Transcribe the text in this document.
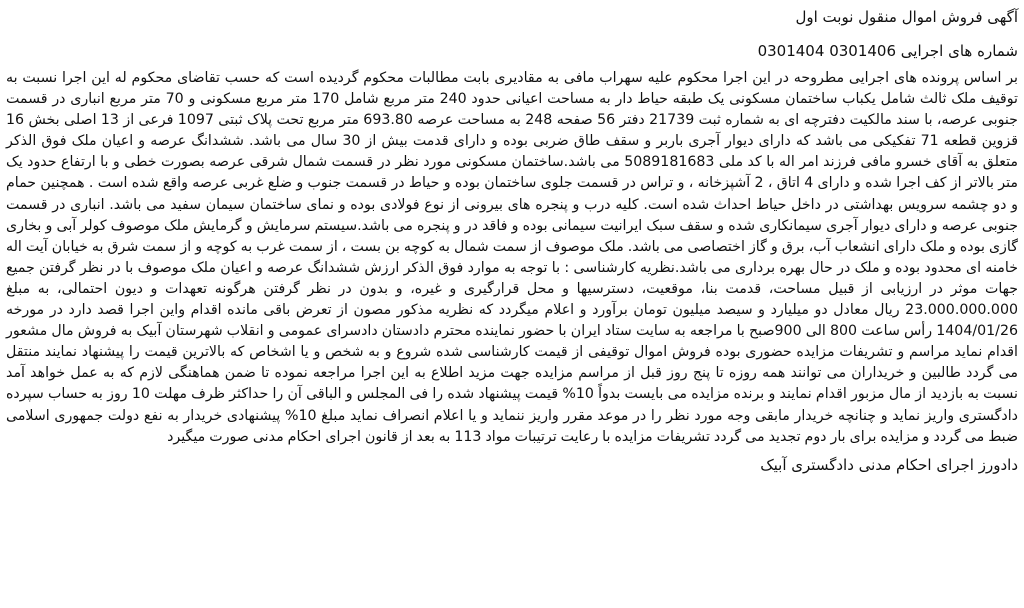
آگهی فروش اموال منقول نوبت اول
شماره های اجرایی 0301406 0301404

بر اساس پرونده های اجرایی مطروحه در این اجرا محکوم علیه سهراب مافی به مقادیری بابت مطالبات محکوم گردیده است که حسب تقاضای محکوم له این اجرا نسبت به توقیف ملک ثالث شامل یکباب ساختمان مسکونی یک طبقه حیاط دار به مساحت اعیانی حدود 240 متر مربع شامل 170 متر مربع مسکونی و 70 متر مربع انباری در قسمت جنوبی عرصه، با سند مالکیت دفترچه ای به شماره ثبت 21739 دفتر 56 صفحه 248 به مساحت عرصه 693.80 متر مربع تحت پلاک ثبتی 1097 فرعی از 13 اصلی بخش 16 قزوین قطعه 71 تفکیکی می باشد که دارای دیوار آجری باربر و سقف طاق ضربی بوده و دارای قدمت بیش از 30 سال می باشد. ششدانگ عرصه و اعیان ملک فوق الذکر متعلق به آقای خسرو مافی فرزند امر اله با کد ملی 5089181683 می باشد.ساختمان مسکونی مورد نظر در قسمت شمال شرقی عرصه بصورت خطی و با ارتفاع حدود یک متر بالاتر از کف اجرا شده و دارای 4 اتاق ، 2 آشپزخانه ، و تراس در قسمت جلوی ساختمان بوده و حیاط در قسمت جنوب و ضلع غربی عرصه واقع شده است . همچنین حمام و دو چشمه سرویس بهداشتی در داخل حیاط احداث شده است. کلیه درب و پنجره های بیرونی از نوع فولادی بوده و نمای ساختمان سیمان سفید می باشد. انباری در قسمت جنوبی عرصه و دارای دیوار آجری سیمانکاری شده و سقف سبک ایرانیت سیمانی بوده و فاقد در و پنجره می باشد.سیستم سرمایش و گرمایش ملک موصوف کولر آبی و بخاری گازی بوده و ملک دارای انشعاب آب، برق و گاز اختصاصی می باشد. ملک موصوف از سمت شمال به کوچه بن بست ، از سمت غرب به کوچه و از سمت شرق به خیابان آیت اله خامنه ای محدود بوده و ملک در حال بهره برداری می باشد.نظریه کارشناسی : با توجه به موارد فوق الذکر ارزش ششدانگ عرصه و اعیان ملک موصوف با در نظر گرفتن جمیع جهات موثر در ارزیابی از قبیل مساحت، قدمت بنا، موقعیت، دسترسیها و محل قرارگیری و غیره، و بدون در نظر گرفتن هرگونه تعهدات و دیون احتمالی، به مبلغ 23.000.000.000 ریال معادل دو میلیارد و سیصد میلیون تومان برآورد و اعلام میگردد که نظریه مذکور مصون از تعرض باقی مانده اقدام واین اجرا قصد دارد در مورخه 1404/01/26 رأس ساعت 800 الی 900صبح با مراجعه به سایت ستاد ایران با حضور نماینده محترم دادستان دادسرای عمومی و انقلاب شهرستان آبیک به فروش مال مشعور اقدام نماید مراسم و تشریفات مزایده حضوری بوده فروش اموال توقیفی از قیمت کارشناسی شده شروع و به شخص و یا اشخاص که بالاترین قیمت را پیشنهاد نمایند منتقل می گردد طالبین و خریداران می توانند همه روزه تا پنج روز قبل از مراسم مزایده جهت مزید اطلاع به این اجرا مراجعه نموده تا ضمن هماهنگی لازم که به عمل خواهد آمد نسبت به بازدید از مال مزبور اقدام نمایند و برنده مزایده می بایست بدواً 10% قیمت پیشنهاد شده را فی المجلس و الباقی آن را حداکثر ظرف مهلت 10 روز به حساب سپرده دادگستری واریز نماید و چنانچه خریدار مابقی وجه مورد نظر را در موعد مقرر واریز ننماید و یا اعلام انصراف نماید مبلغ 10% پیشنهادی خریدار به نفع دولت جمهوری اسلامی ضبط می گردد و مزایده برای بار دوم تجدید می گردد تشریفات مزایده با رعایت ترتیبات مواد 113 به بعد از قانون اجرای احکام مدنی صورت میگیرد

دادورز اجرای احکام مدنی دادگستری آبیک
